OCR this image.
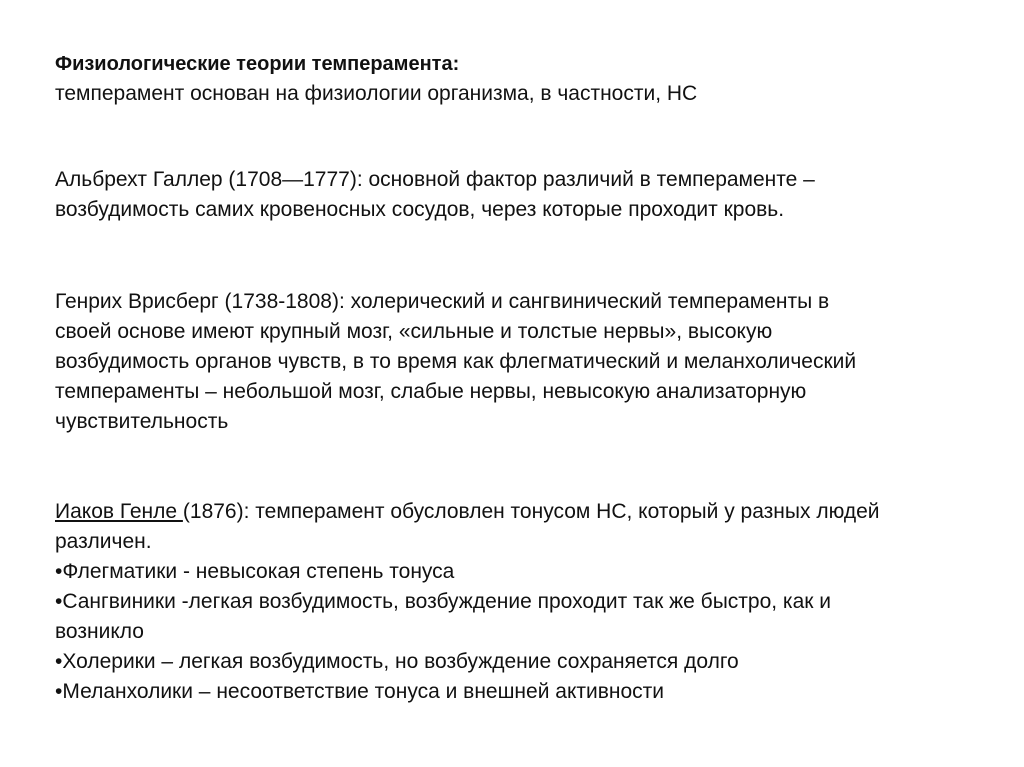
Физиологические теории темперамента:

темперамент основан на физиологии организма, в частности, НС

Альбрехт Галлер (1708—1777): основной фактор различий в темпераменте –

возбудимость самих кровеносных сосудов, через которые проходит кровь.

Генрих Врисберг (1738-1808): холерический и сангвинический темпераменты в

своей основе имеют крупный мозг, «сильные и толстые нервы», высокую

возбудимость органов чувств, в то время как флегматический и меланхолический

темпераменты – небольшой мозг, слабые нервы, невысокую анализаторную

чувствительность

Иаков Генле (1876): темперамент обусловлен тонусом НС, который у разных людей

различен.

•Флегматики - невысокая степень тонуса

•Сангвиники -легкая возбудимость, возбуждение проходит так же быстро, как и

возникло

•Холерики – легкая возбудимость, но возбуждение сохраняется долго

•Меланхолики – несоответствие тонуса и внешней активности
